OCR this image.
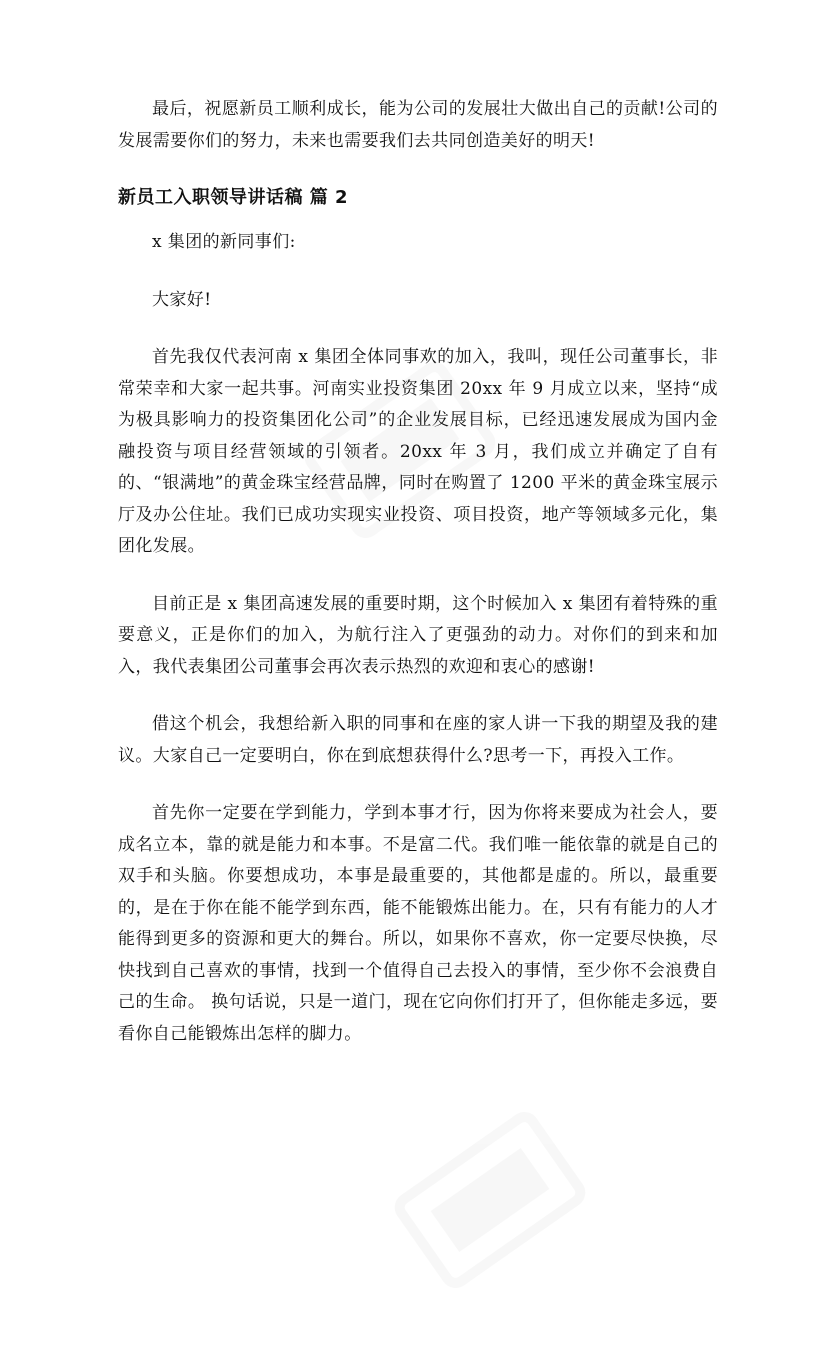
最后，祝愿新员工顺利成长，能为公司的发展壮大做出自己的贡献!公司的发展需要你们的努力，未来也需要我们去共同创造美好的明天!

新员工入职领导讲话稿 篇 2

x 集团的新同事们:

大家好!

首先我仅代表河南 x 集团全体同事欢的加入，我叫，现任公司董事长，非常荣幸和大家一起共事。河南实业投资集团 20xx 年 9 月成立以来，坚持“成为极具影响力的投资集团化公司”的企业发展目标，已经迅速发展成为国内金融投资与项目经营领域的引领者。20xx 年 3 月，我们成立并确定了自有的、“银满地”的黄金珠宝经营品牌，同时在购置了 1200 平米的黄金珠宝展示厅及办公住址。我们已成功实现实业投资、项目投资，地产等领域多元化，集团化发展。

目前正是 x 集团高速发展的重要时期，这个时候加入 x 集团有着特殊的重要意义，正是你们的加入，为航行注入了更强劲的动力。对你们的到来和加入，我代表集团公司董事会再次表示热烈的欢迎和衷心的感谢!

借这个机会，我想给新入职的同事和在座的家人讲一下我的期望及我的建议。大家自己一定要明白，你在到底想获得什么?思考一下，再投入工作。

首先你一定要在学到能力，学到本事才行，因为你将来要成为社会人，要成名立本，靠的就是能力和本事。不是富二代。我们唯一能依靠的就是自己的双手和头脑。你要想成功，本事是最重要的，其他都是虚的。所以，最重要的，是在于你在能不能学到东西，能不能锻炼出能力。在，只有有能力的人才能得到更多的资源和更大的舞台。所以，如果你不喜欢，你一定要尽快换，尽快找到自己喜欢的事情，找到一个值得自己去投入的事情，至少你不会浪费自己的生命。 换句话说，只是一道门，现在它向你们打开了，但你能走多远，要看你自己能锻炼出怎样的脚力。
